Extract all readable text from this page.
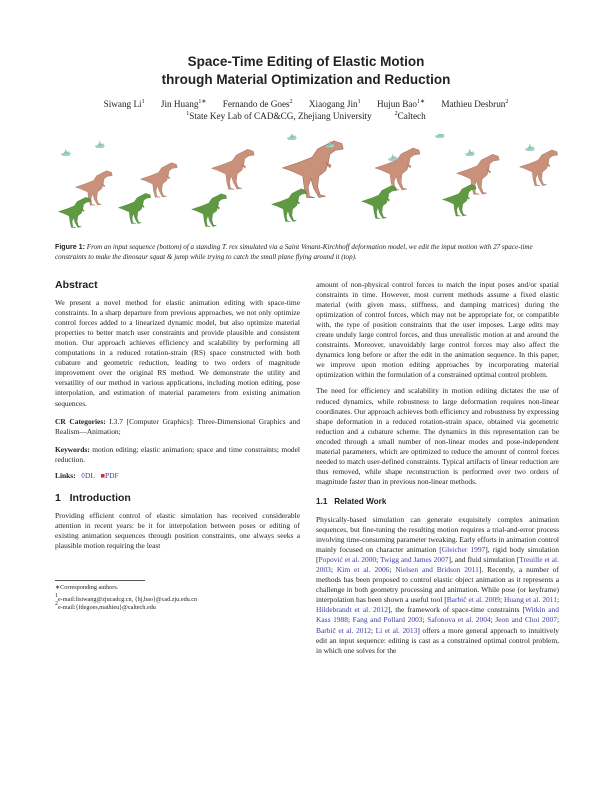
Space-Time Editing of Elastic Motion
through Material Optimization and Reduction
Siwang Li$^1$ Jin Huang$^{1∗}$ Fernando de Goes$^2$ Xiaogang Jin$^1$ Hujun Bao$^{1∗}$ Mathieu Desbrun$^2$
$^1$State Key Lab of CAD&CG, Zhejiang University	$^2$Caltech
Figure 1: From an input sequence (bottom) of a standing T. rex simulated via a Saint Venant-Kirchhoff deformation model, we edit the input motion with 27 space-time constraints to make the dinosaur squat & jump while trying to catch the small plane flying around it (top).
Abstract

We present a novel method for elastic animation editing with space-time constraints. In a sharp departure from previous approaches, we not only optimize control forces added to a linearized dynamic model, but also optimize material properties to better match user constraints and provide plausible and consistent motion. Our approach achieves efficiency and scalability by performing all computations in a reduced rotation-strain (RS) space constructed with both cubature and geometric reduction, leading to two orders of magnitude improvement over the original RS method. We demonstrate the utility and versatility of our method in various applications, including motion editing, pose interpolation, and estimation of material parameters from existing animation sequences.

CR Categories: I.3.7 [Computer Graphics]: Three-Dimensional Graphics and Realism—Animation;

Keywords: motion editing; elastic animation; space and time constraints; model reduction.

Links: ◊DL ■PDF

1 Introduction

Providing efficient control of elastic simulation has received considerable attention in recent years: be it for interpolation between poses or editing of existing animation sequences through position constraints, one always seeks a plausible motion requiring the least

∗Corresponding authors.
$^1$e-mail:lisiwang@zjucadcg.cn, {hj,bao}@cad.zju.edu.cn
$^2$e-mail:{fdegoes,mathieu}@caltech.edu

amount of non-physical control forces to match the input poses and/or spatial constraints in time. However, most current methods assume a fixed elastic material (with given mass, stiffness, and damping matrices) during the optimization of control forces, which may not be appropriate for, or compatible with, the type of position constraints that the user imposes. Large edits may create unduly large control forces, and thus unrealistic motion at and around the constraints. Moreover, unavoidably large control forces may also affect the dynamics long before or after the edit in the animation sequence. In this paper, we improve upon motion editing approaches by incorporating material optimization within the formulation of a constrained optimal control problem.

The need for efficiency and scalability in motion editing dictates the use of reduced dynamics, while robustness to large deformation requires non-linear coordinates. Our approach achieves both efficiency and robustness by expressing shape deformation in a reduced rotation-strain space, obtained via geometric reduction and a cubature scheme. The dynamics in this representation can be encoded through a small number of non-linear modes and pose-independent material parameters, which are optimized to reduce the amount of control forces needed to match user-defined constraints. Typical artifacts of linear reduction are thus removed, while shape reconstruction is performed over two orders of magnitude faster than in previous non-linear methods.

1.1 Related Work

Physically-based simulation can generate exquisitely complex animation sequences, but fine-tuning the resulting motion requires a trial-and-error process involving time-consuming parameter tweaking. Early efforts in animation control mainly focused on character animation [Gleicher 1997], rigid body simulation [Popović et al. 2000; Twigg and James 2007], and fluid simulation [Treuille et al. 2003; Kim et al. 2006; Nielsen and Bridson 2011]. Recently, a number of methods has been proposed to control elastic object animation as it represents a challenge in both geometry processing and animation. While pose (or keyframe) interpolation has been shown a useful tool [Barbič et al. 2009; Huang et al. 2011; Hildebrandt et al. 2012], the framework of space-time constraints [Witkin and Kass 1988; Fang and Pollard 2003; Safonova et al. 2004; Jeon and Choi 2007; Barbič et al. 2012; Li et al. 2013] offers a more general approach to intuitively edit an input sequence: editing is cast as a constrained optimal control problem, in which one solves for the
